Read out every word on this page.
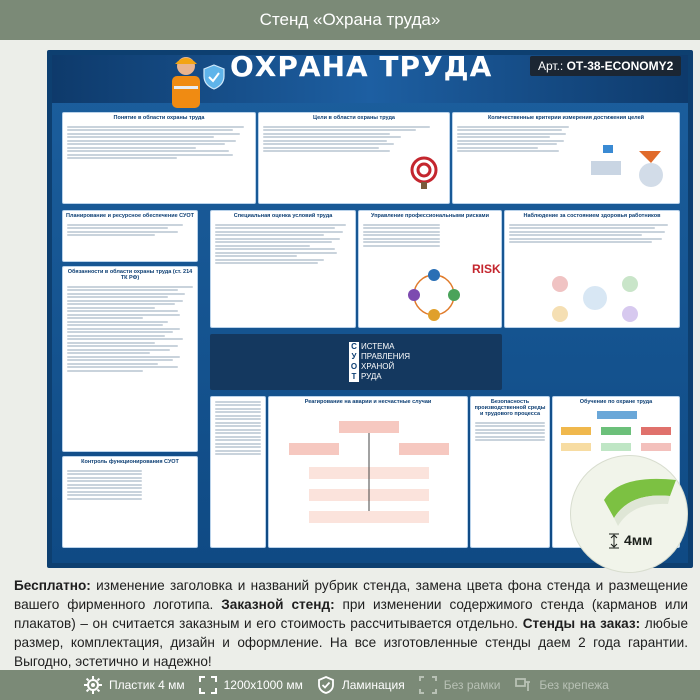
Стенд «Охрана труда»
ОХРАНА ТРУДА	Арт.: ОТ-38-ECONOMY2
Понятие в области охраны труда	Цели в области охраны труда	Количественные критерии измерения достижения целей
Планирование и ресурсное обеспечение СУОТ	Специальная оценка условий труда	Управление профессиональными рисками
RISK
Наблюдение за состоянием здоровья работников
Обязанности в области охраны труда (ст. 214 ТК РФ)
С ИСТЕМА
У ПРАВЛЕНИЯ
О ХРАНОЙ
Т РУДА
Контроль функционирования СУОТ
Реагирование на аварии и несчастные случаи	Безопасность производственной среды и трудового процесса
Обучение по охране труда
4мм
Бесплатно: изменение заголовка и названий рубрик стенда, замена цвета фона стенда и размещение вашего фирменного логотипа. Заказной стенд: при изменении содержимого стенда (карманов или плакатов) – он считается заказным и его стоимость рассчитывается отдельно. Стенды на заказ: любые размер, комплектация, дизайн и оформление. На все изготовленные стенды даем 2 года гарантии. Выгодно, эстетично и надежно!
Пластик 4 мм	1200х1000 мм	Ламинация	Без рамки	Без крепежа
